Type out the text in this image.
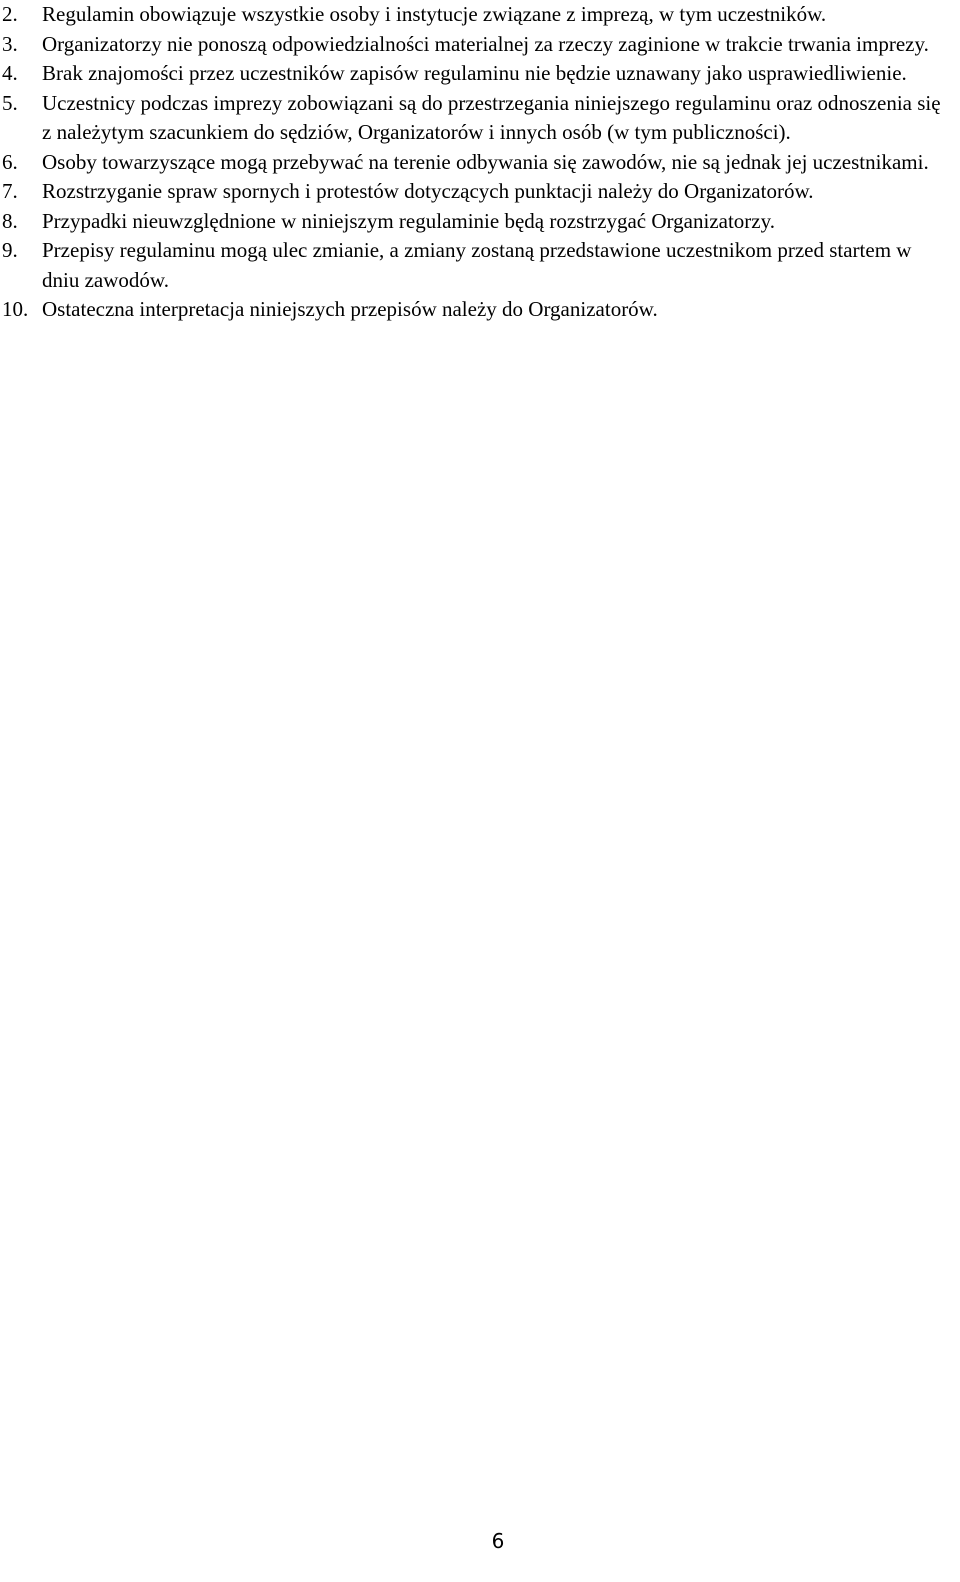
2.	Regulamin obowiązuje wszystkie osoby i instytucje związane z imprezą, w tym uczestników.
3.	Organizatorzy nie ponoszą odpowiedzialności materialnej za rzeczy zaginione w trakcie trwania imprezy.
4.	Brak znajomości przez uczestników zapisów regulaminu nie będzie uznawany jako usprawiedliwienie.
5.	Uczestnicy podczas imprezy zobowiązani są do przestrzegania niniejszego regulaminu oraz odnoszenia się z należytym szacunkiem do sędziów, Organizatorów i innych osób (w tym publiczności).
6.	Osoby towarzyszące mogą przebywać na terenie odbywania się zawodów, nie są jednak jej uczestnikami.
7.	Rozstrzyganie spraw spornych i protestów dotyczących punktacji należy do Organizatorów.
8.	Przypadki nieuwzględnione w niniejszym regulaminie będą rozstrzygać Organizatorzy.
9.	Przepisy regulaminu mogą ulec zmianie, a zmiany zostaną przedstawione uczestnikom przed startem w dniu zawodów.
10. Ostateczna interpretacja niniejszych przepisów należy do Organizatorów.
6
